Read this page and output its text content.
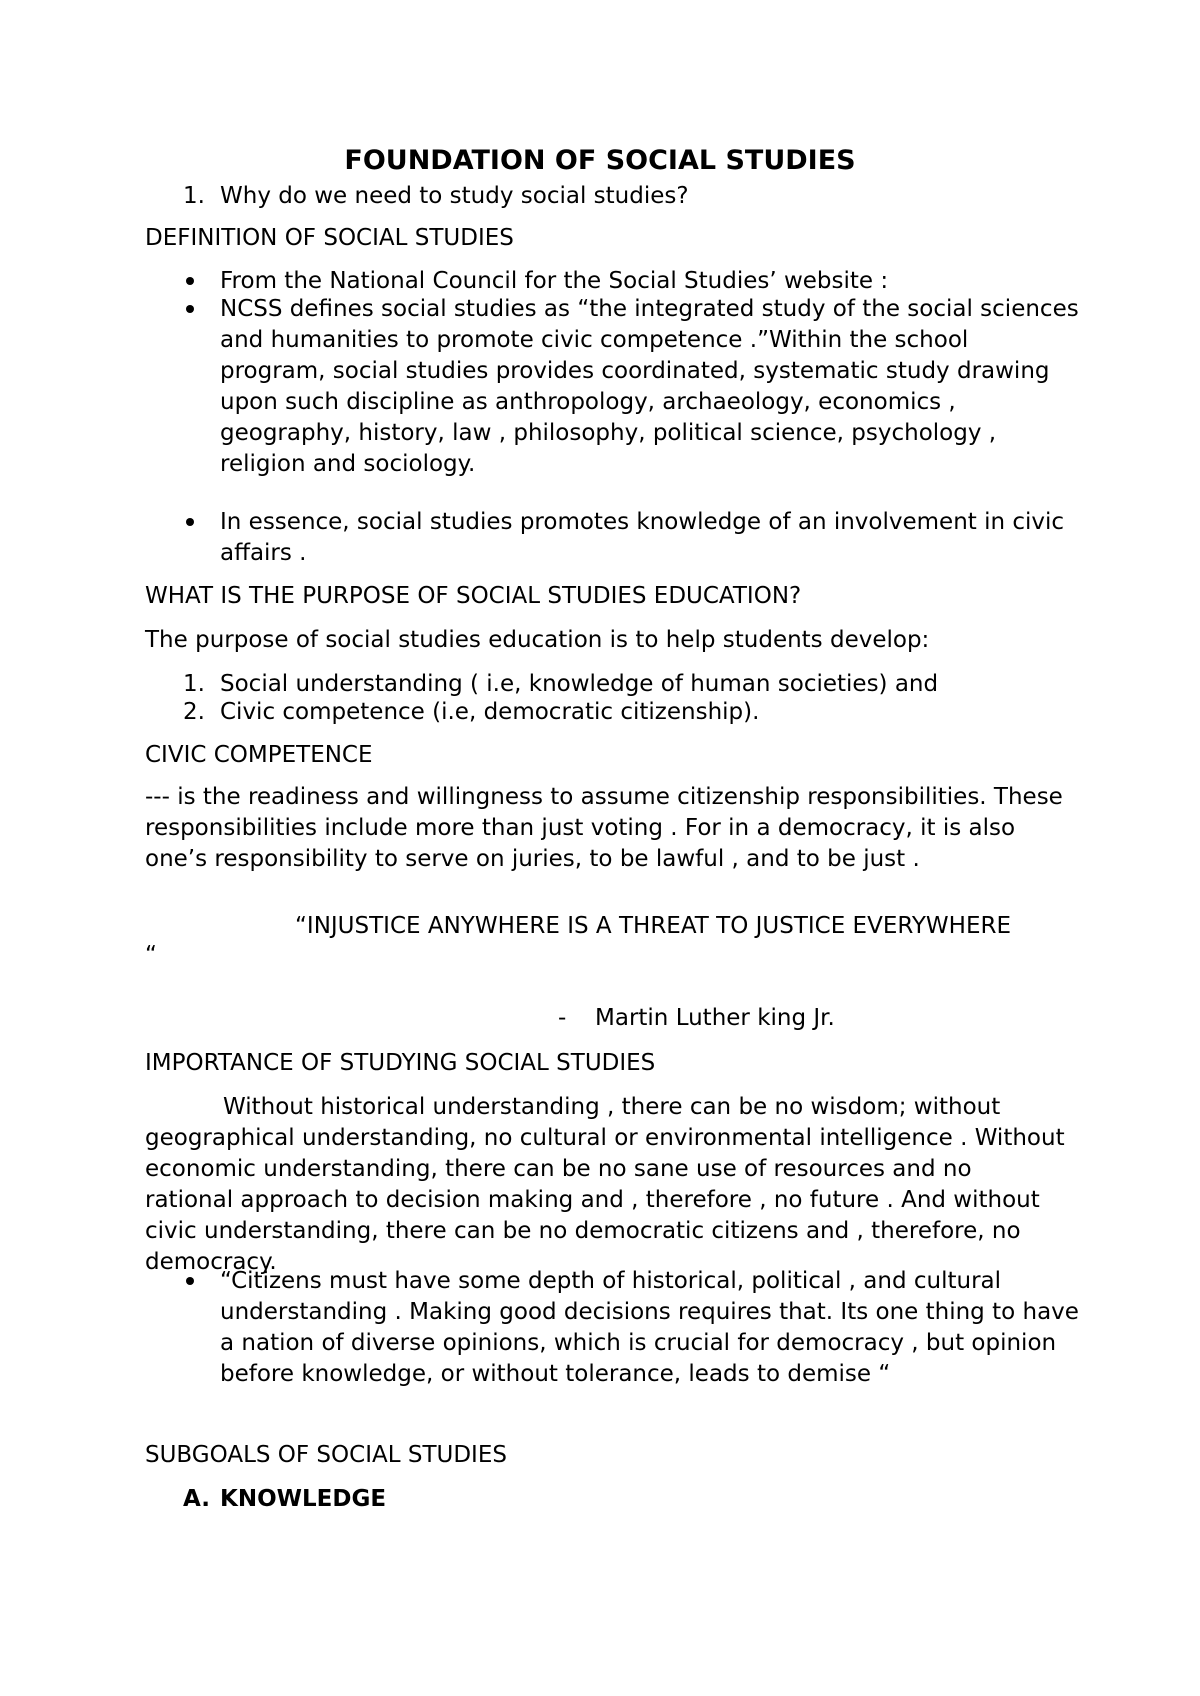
FOUNDATION OF SOCIAL STUDIES
1. Why do we need to study social studies?

DEFINITION OF SOCIAL STUDIES

From the National Council for the Social Studies’ website :
NCSS defines social studies as “the integrated study of the social sciences and humanities to promote civic competence .”Within the school program, social studies provides coordinated, systematic study drawing upon such discipline as anthropology, archaeology, economics , geography, history, law , philosophy, political science, psychology , religion and sociology.
In essence, social studies promotes knowledge of an involvement in civic affairs .

WHAT IS THE PURPOSE OF SOCIAL STUDIES EDUCATION?

The purpose of social studies education is to help students develop:

1. Social understanding ( i.e, knowledge of human societies) and
2. Civic competence (i.e, democratic citizenship).

CIVIC COMPETENCE

--- is the readiness and willingness to assume citizenship responsibilities. These responsibilities include more than just voting . For in a democracy, it is also one’s responsibility to serve on juries, to be lawful , and to be just .

“INJUSTICE ANYWHERE IS A THREAT TO JUSTICE EVERYWHERE
“
- Martin Luther king Jr.

IMPORTANCE OF STUDYING SOCIAL STUDIES

Without historical understanding , there can be no wisdom; without geographical understanding, no cultural or environmental intelligence . Without economic understanding, there can be no sane use of resources and no rational approach to decision making and , therefore , no future . And without civic understanding, there can be no democratic citizens and , therefore, no democracy.

“Citizens must have some depth of historical, political , and cultural understanding . Making good decisions requires that. Its one thing to have a nation of diverse opinions, which is crucial for democracy , but opinion before knowledge, or without tolerance, leads to demise “

SUBGOALS OF SOCIAL STUDIES

A. KNOWLEDGE
